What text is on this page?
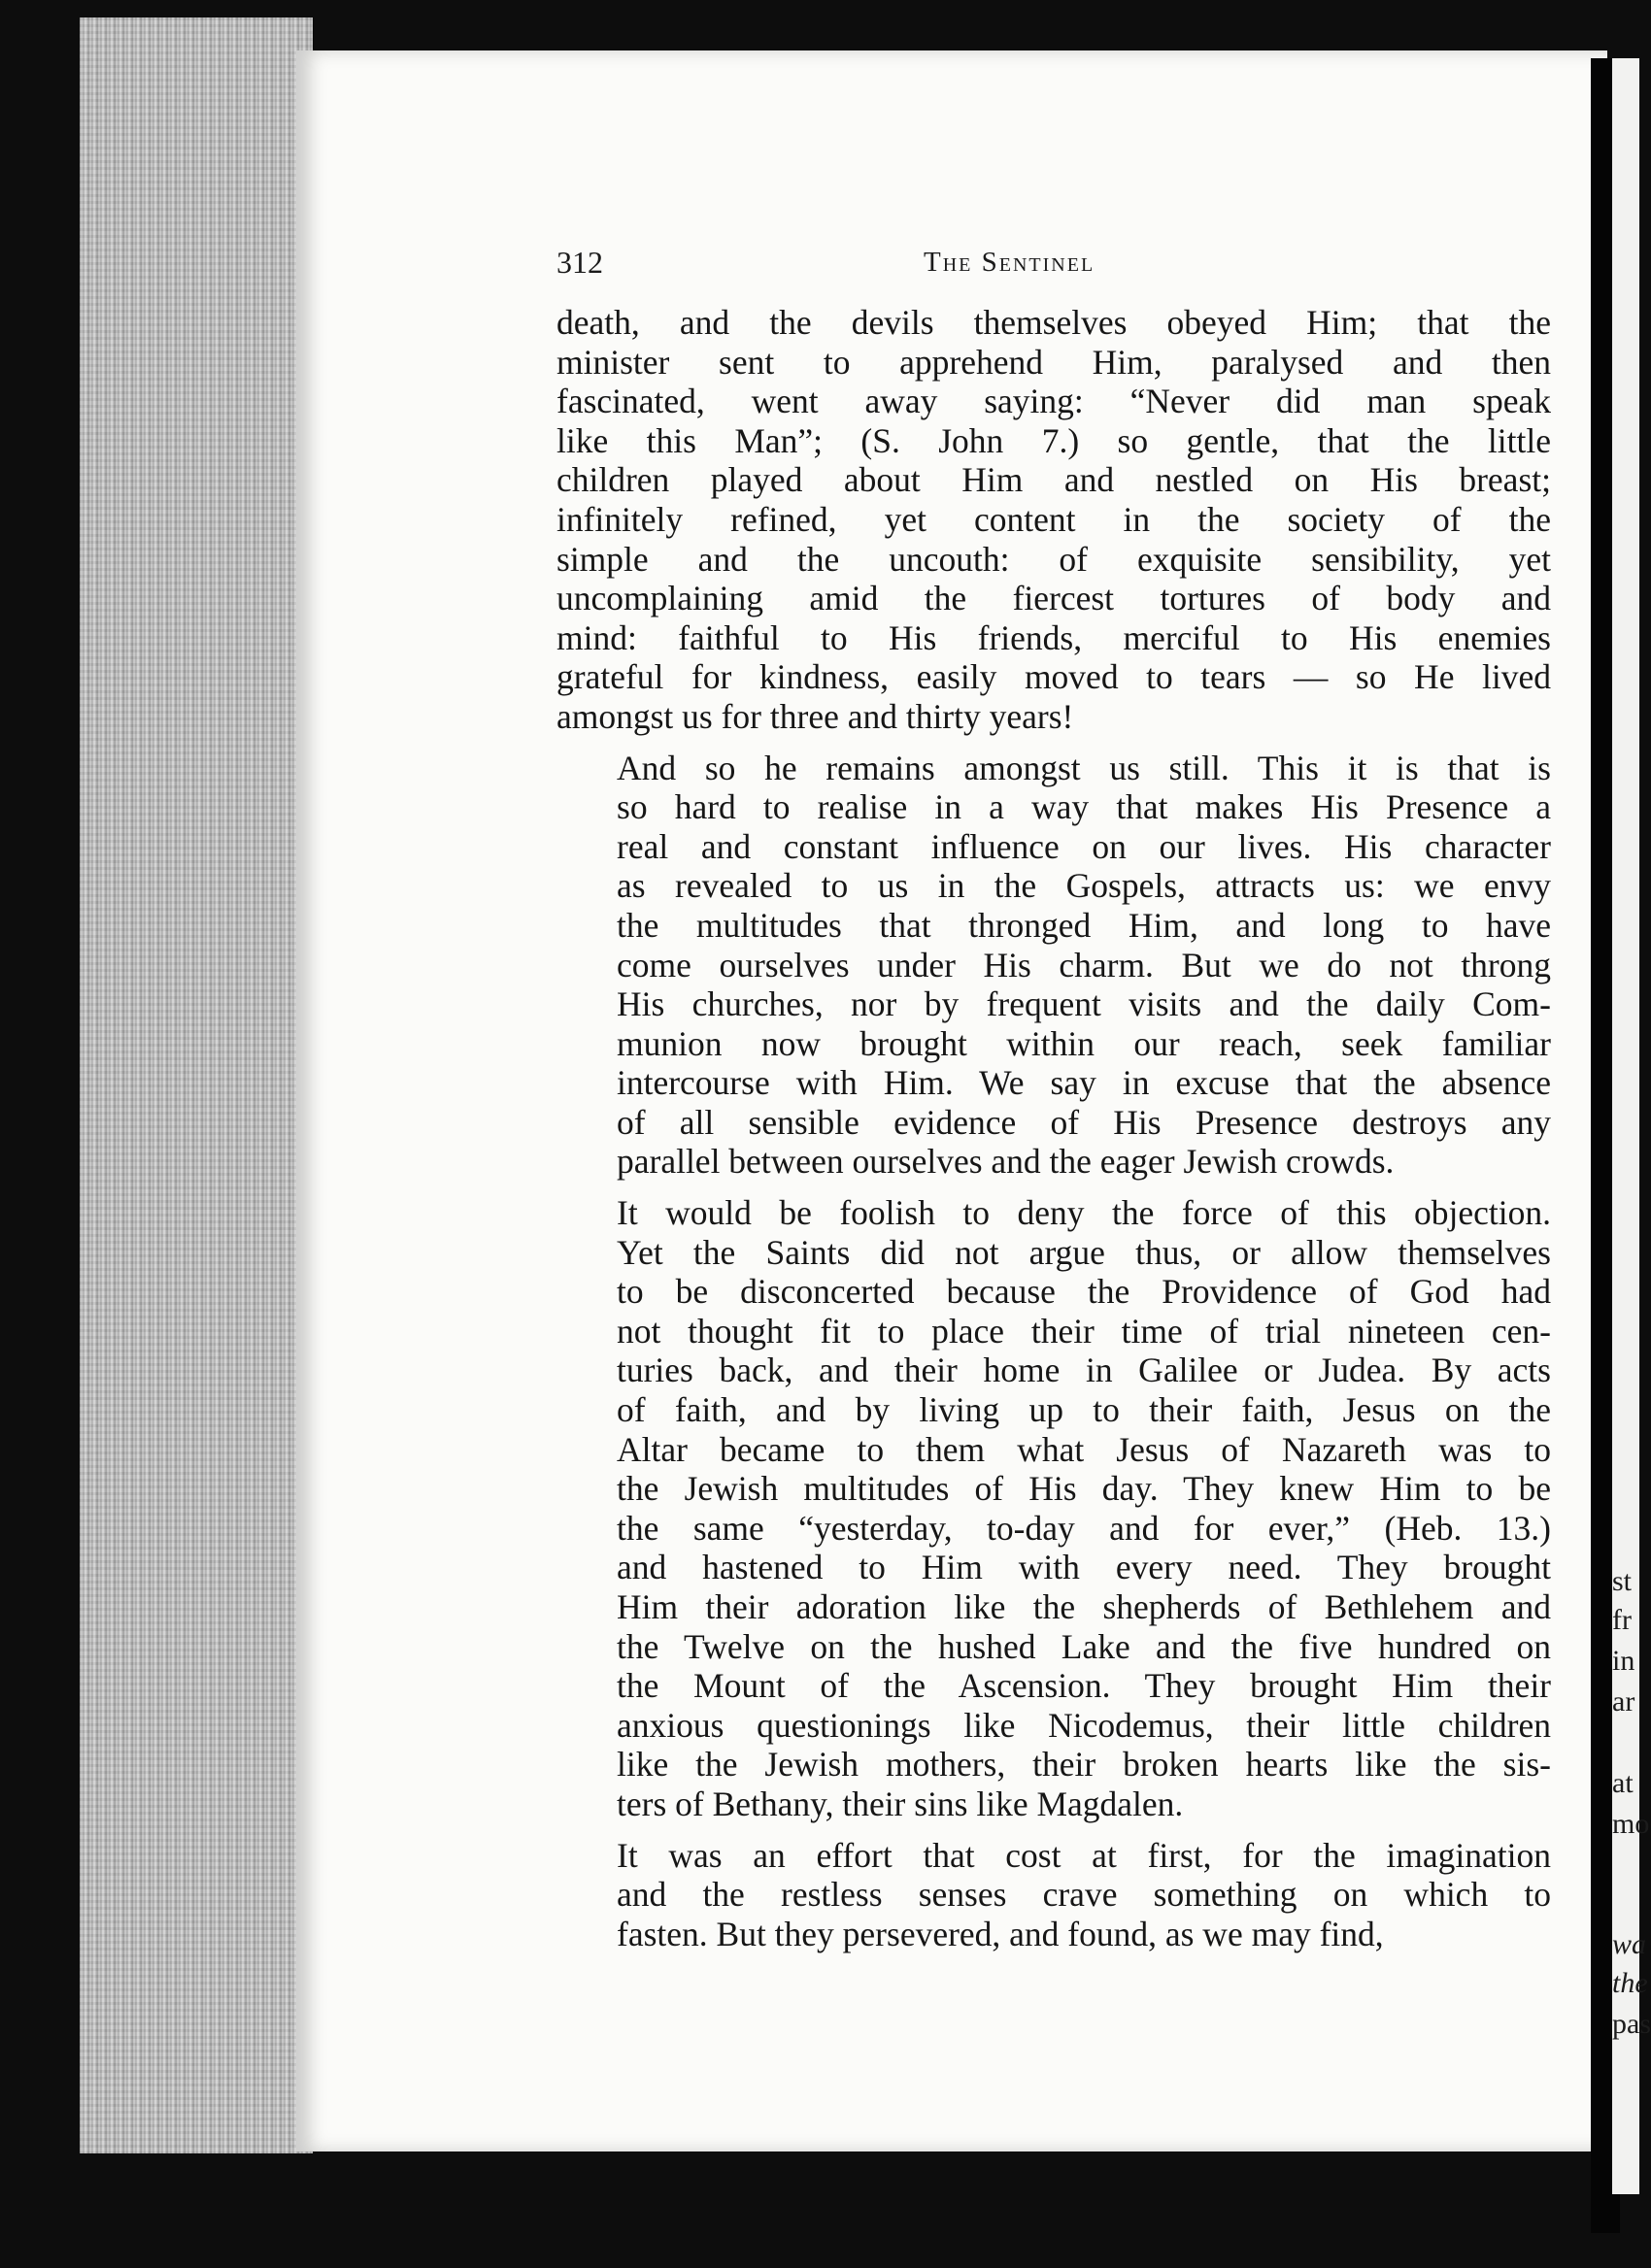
st
fr
in
ar
at
mo
wa
the
pas
312	The Sentinel
death, and the devils themselves obeyed Him; that the
minister sent to apprehend Him, paralysed and then
fascinated, went away saying: “Never did man speak
like this Man”; (S. John 7.) so gentle, that the little
children played about Him and nestled on His breast;
infinitely refined, yet content in the society of the
simple and the uncouth: of exquisite sensibility, yet
uncomplaining amid the fiercest tortures of body and
mind: faithful to His friends, merciful to His enemies
grateful for kindness, easily moved to tears — so He lived
amongst us for three and thirty years!
And so he remains amongst us still. This it is that is
so hard to realise in a way that makes His Presence a
real and constant influence on our lives. His character
as revealed to us in the Gospels, attracts us: we envy
the multitudes that thronged Him, and long to have
come ourselves under His charm. But we do not throng
His churches, nor by frequent visits and the daily Com-
munion now brought within our reach, seek familiar
intercourse with Him. We say in excuse that the absence
of all sensible evidence of His Presence destroys any
parallel between ourselves and the eager Jewish crowds.
It would be foolish to deny the force of this objection.
Yet the Saints did not argue thus, or allow themselves
to be disconcerted because the Providence of God had
not thought fit to place their time of trial nineteen cen-
turies back, and their home in Galilee or Judea. By acts
of faith, and by living up to their faith, Jesus on the
Altar became to them what Jesus of Nazareth was to
the Jewish multitudes of His day. They knew Him to be
the same “yesterday, to-day and for ever,” (Heb. 13.)
and hastened to Him with every need. They brought
Him their adoration like the shepherds of Bethlehem and
the Twelve on the hushed Lake and the five hundred on
the Mount of the Ascension. They brought Him their
anxious questionings like Nicodemus, their little children
like the Jewish mothers, their broken hearts like the sis-
ters of Bethany, their sins like Magdalen.
It was an effort that cost at first, for the imagination
and the restless senses crave something on which to
fasten. But they persevered, and found, as we may find,
